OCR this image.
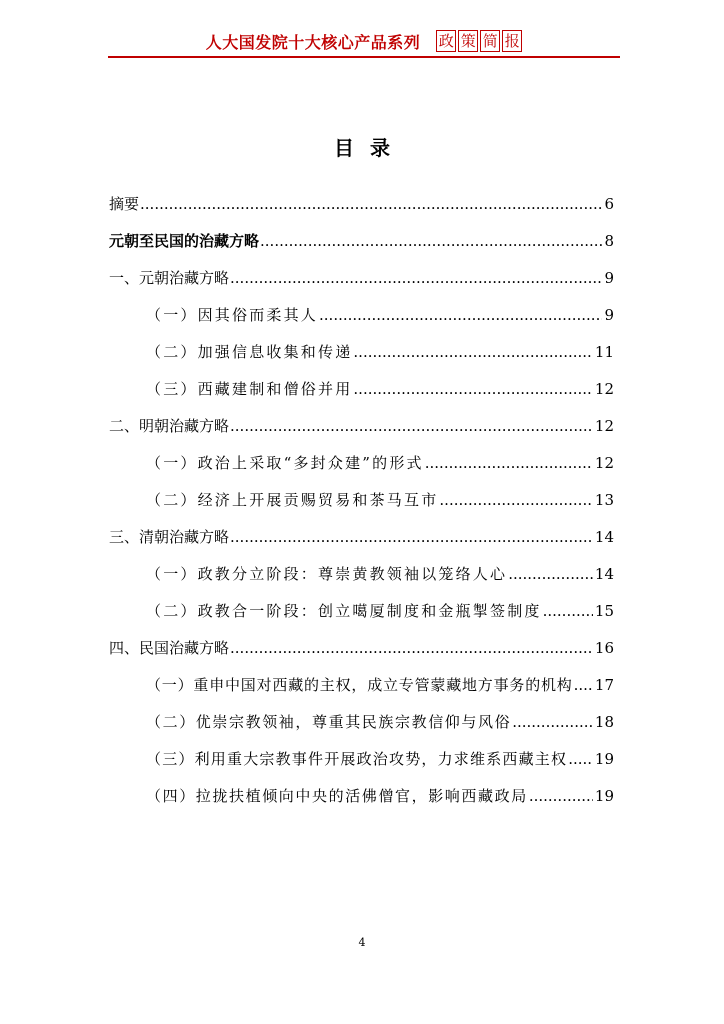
人大国发院十大核心产品系列 政 策 简 报
目录
摘要 .....	6
元朝至民国的治藏方略 .....	8
一、元朝治藏方略 .....	9
（一）因其俗而柔其人 .....	9
（二）加强信息收集和传递 .....	11
（三）西藏建制和僧俗并用 .....	12
二、明朝治藏方略 .....	12
（一）政治上采取“多封众建”的形式 .....	12
（二）经济上开展贡赐贸易和茶马互市 .....	13
三、清朝治藏方略 .....	14
（一）政教分立阶段：尊崇黄教领袖以笼络人心 .....	14
（二）政教合一阶段：创立噶厦制度和金瓶掣签制度 .....	15
四、民国治藏方略 .....	16
（一）重申中国对西藏的主权，成立专管蒙藏地方事务的机构 ..... 17
（二）优崇宗教领袖，尊重其民族宗教信仰与风俗 .....	18
（三）利用重大宗教事件开展政治攻势，力求维系西藏主权 ..... 19
（四）拉拢扶植倾向中央的活佛僧官，影响西藏政局 .....	19
4
